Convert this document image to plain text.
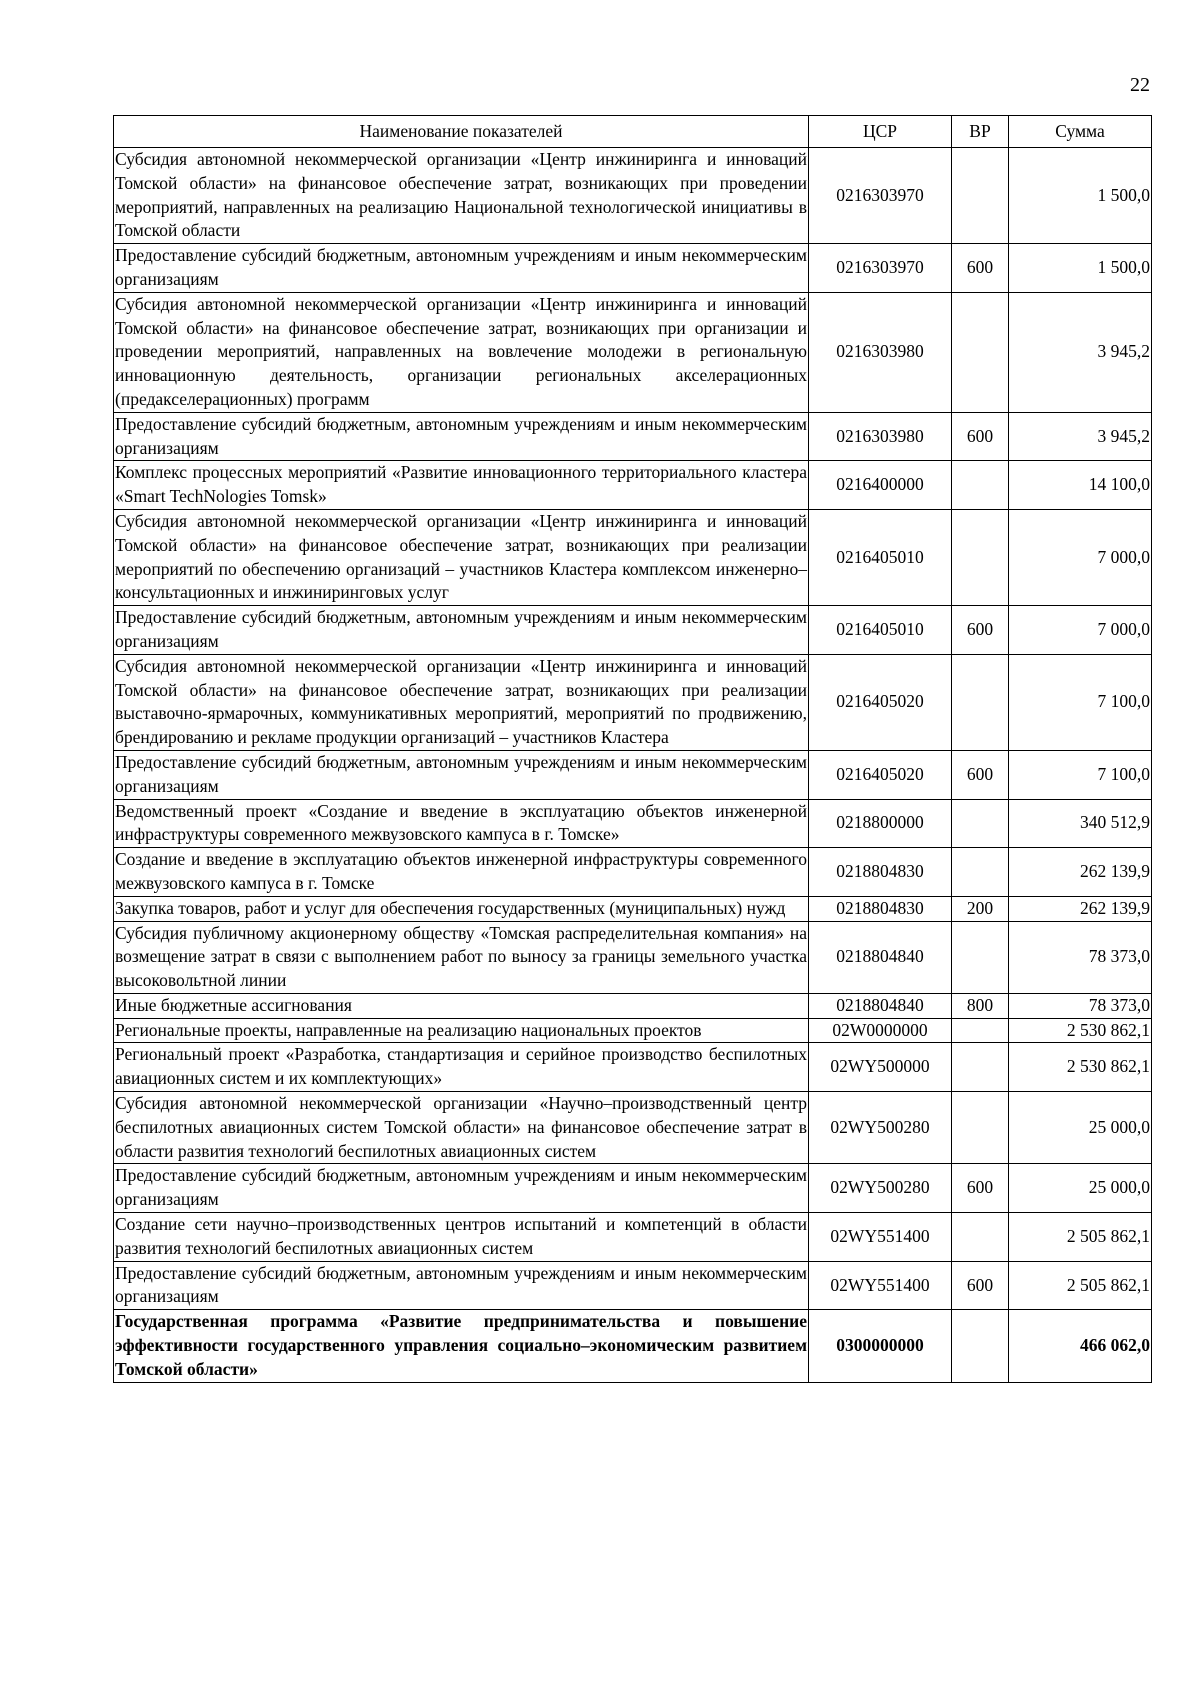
22
Наименование показателей	ЦСР	ВР	Сумма
Субсидия автономной некоммерческой организации «Центр инжиниринга и инноваций Томской области» на финансовое обеспечение затрат, возникающих при проведении мероприятий, направленных на реализацию Национальной технологической инициативы в Томской области	0216303970		1 500,0
Предоставление субсидий бюджетным, автономным учреждениям и иным некоммерческим организациям	0216303970	600	1 500,0
Субсидия автономной некоммерческой организации «Центр инжиниринга и инноваций Томской области» на финансовое обеспечение затрат, возникающих при организации и проведении мероприятий, направленных на вовлечение молодежи в региональную инновационную деятельность, организации региональных акселерационных (предакселерационных) программ	0216303980		3 945,2
Предоставление субсидий бюджетным, автономным учреждениям и иным некоммерческим организациям	0216303980	600	3 945,2
Комплекс процессных мероприятий «Развитие инновационного территориального кластера «Smart TechNologies Tomsk»	0216400000		14 100,0
Субсидия автономной некоммерческой организации «Центр инжиниринга и инноваций Томской области» на финансовое обеспечение затрат, возникающих при реализации мероприятий по обеспечению организаций – участников Кластера комплексом инженерно–консультационных и инжиниринговых услуг	0216405010		7 000,0
Предоставление субсидий бюджетным, автономным учреждениям и иным некоммерческим организациям	0216405010	600	7 000,0
Субсидия автономной некоммерческой организации «Центр инжиниринга и инноваций Томской области» на финансовое обеспечение затрат, возникающих при реализации выставочно-ярмарочных, коммуникативных мероприятий, мероприятий по продвижению, брендированию и рекламе продукции организаций – участников Кластера	0216405020		7 100,0
Предоставление субсидий бюджетным, автономным учреждениям и иным некоммерческим организациям	0216405020	600	7 100,0
Ведомственный проект «Создание и введение в эксплуатацию объектов инженерной инфраструктуры современного межвузовского кампуса в г. Томске»	0218800000		340 512,9
Создание и введение в эксплуатацию объектов инженерной инфраструктуры современного межвузовского кампуса в г. Томске	0218804830		262 139,9
Закупка товаров, работ и услуг для обеспечения государственных (муниципальных) нужд	0218804830	200	262 139,9
Субсидия публичному акционерному обществу «Томская распределительная компания» на возмещение затрат в связи с выполнением работ по выносу за границы земельного участка высоковольтной линии	0218804840		78 373,0
Иные бюджетные ассигнования	0218804840	800	78 373,0
Региональные проекты, направленные на реализацию национальных проектов	02W0000000		2 530 862,1
Региональный проект «Разработка, стандартизация и серийное производство беспилотных авиационных систем и их комплектующих»	02WY500000		2 530 862,1
Субсидия автономной некоммерческой организации «Научно–производственный центр беспилотных авиационных систем Томской области» на финансовое обеспечение затрат в области развития технологий беспилотных авиационных систем	02WY500280		25 000,0
Предоставление субсидий бюджетным, автономным учреждениям и иным некоммерческим организациям	02WY500280	600	25 000,0
Создание сети научно–производственных центров испытаний и компетенций в области развития технологий беспилотных авиационных систем	02WY551400		2 505 862,1
Предоставление субсидий бюджетным, автономным учреждениям и иным некоммерческим организациям	02WY551400	600	2 505 862,1
Государственная программа «Развитие предпринимательства и повышение эффективности государственного управления социально–экономическим развитием Томской области»	0300000000		466 062,0
